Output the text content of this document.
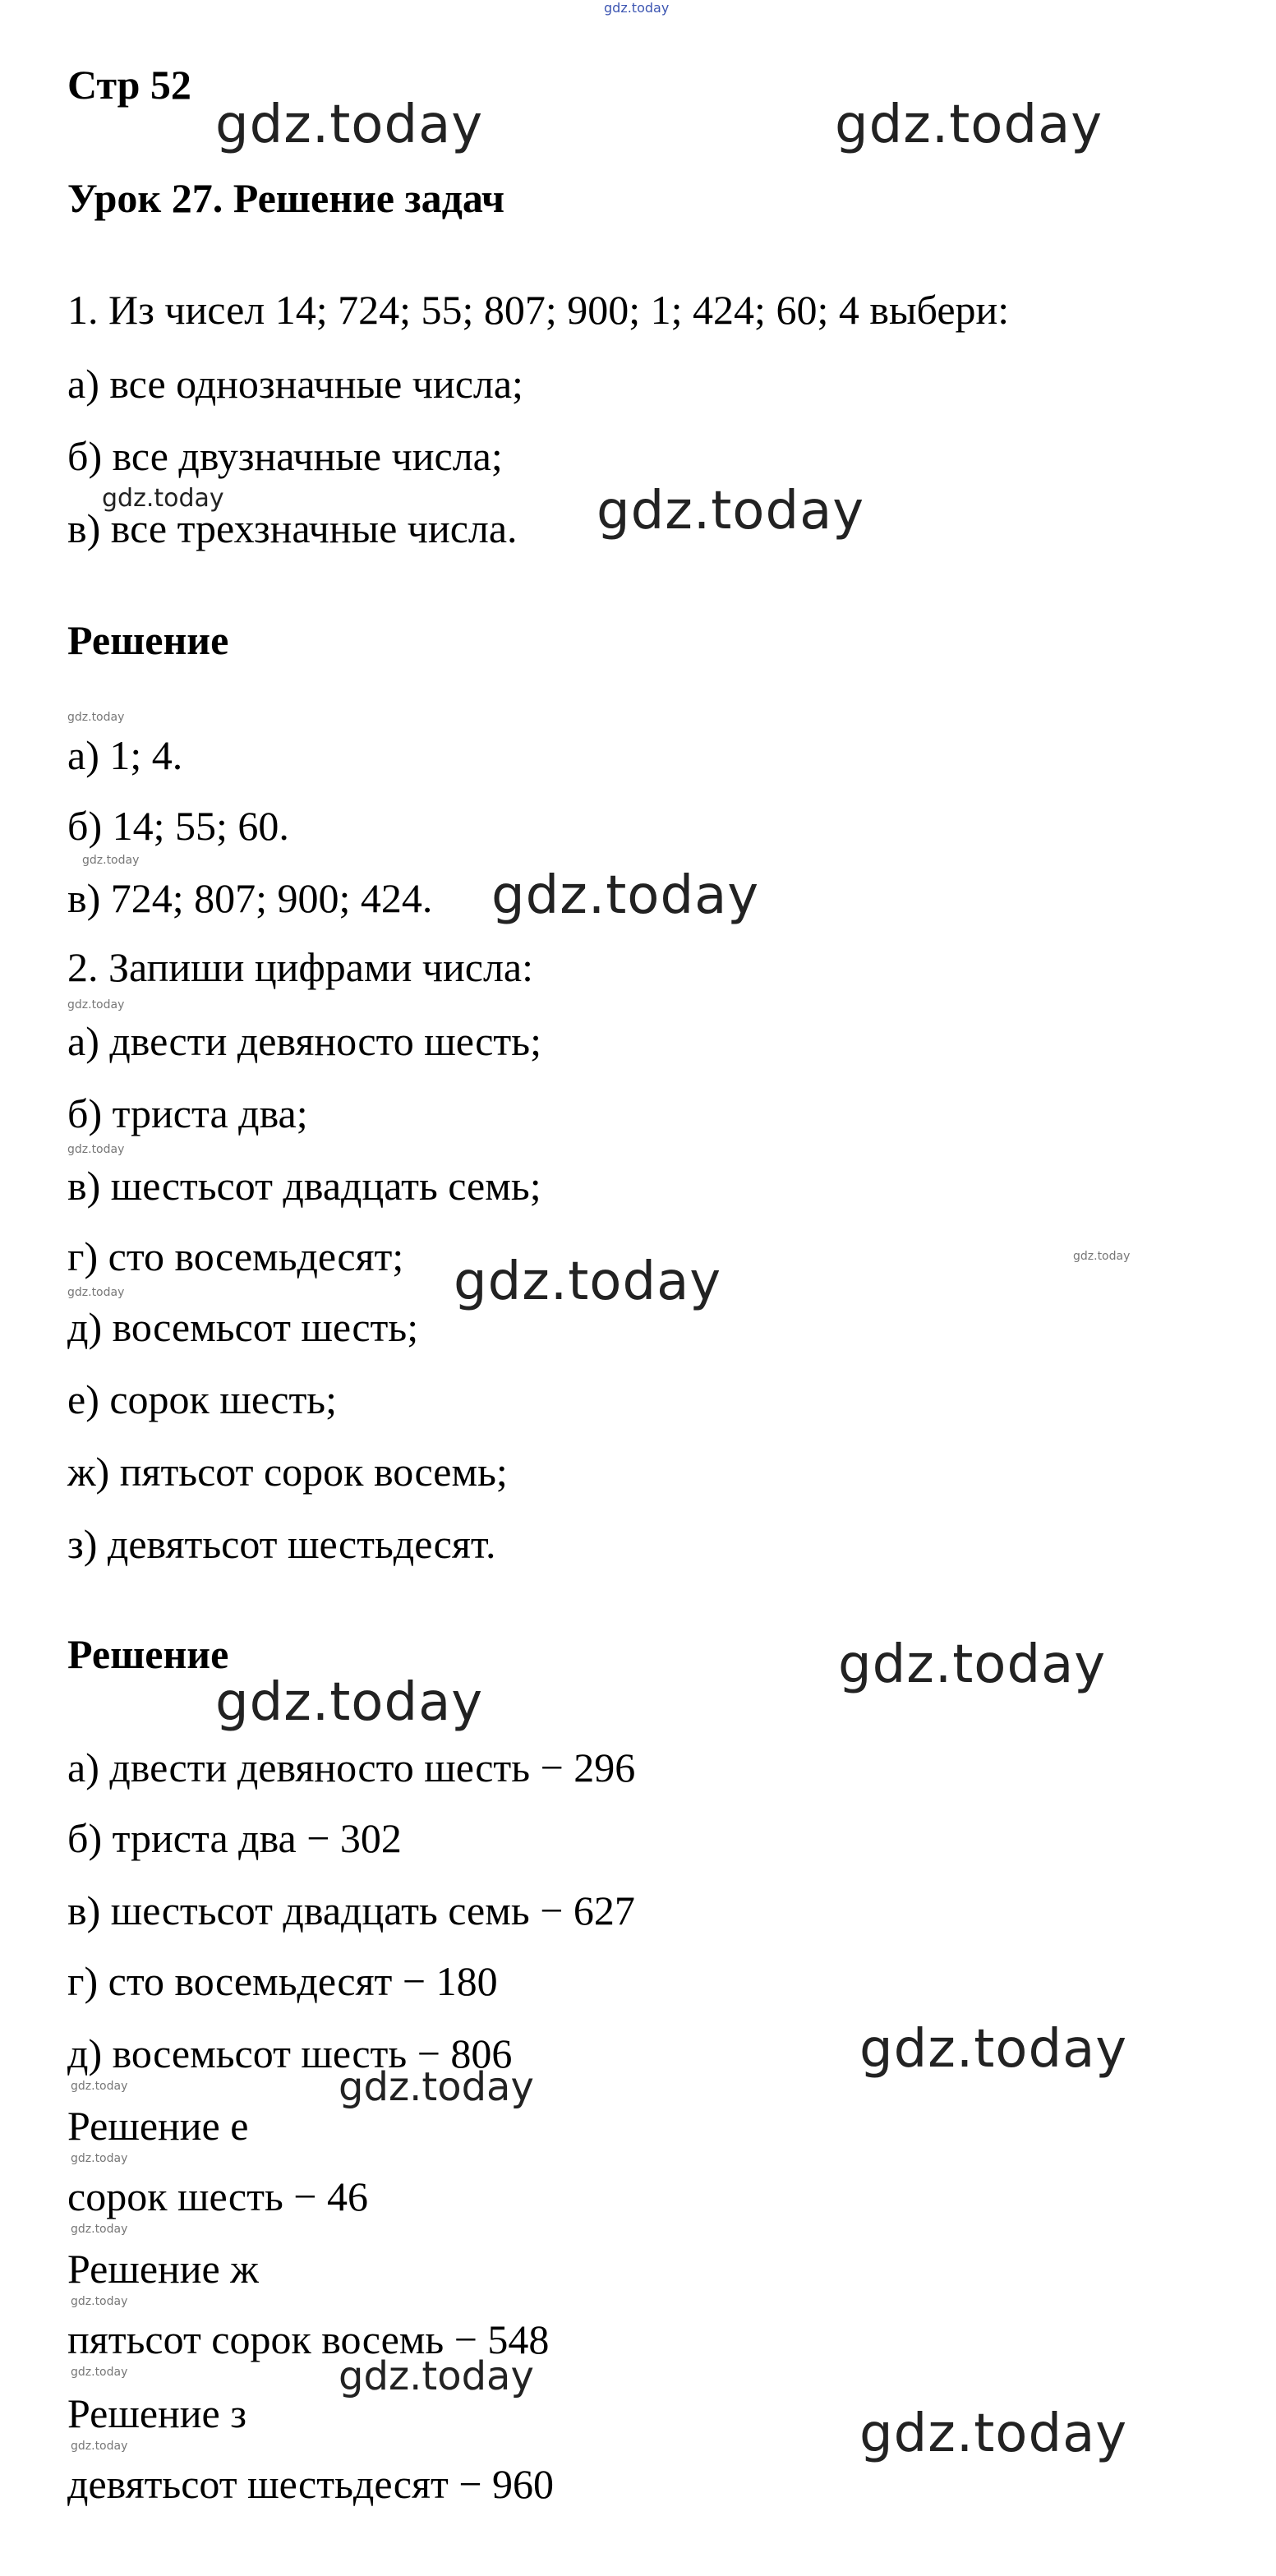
Стр 52
Урок 27. Решение задач
1. Из чисел 14; 724; 55; 807; 900; 1; 424; 60; 4 выбери:
а) все однозначные числа;
б) все двузначные числа;
в) все трехзначные числа.
Решение
а) 1; 4.
б) 14; 55; 60.
в) 724; 807; 900; 424.
2. Запиши цифрами числа:
а) двести девяносто шесть;
б) триста два;
в) шестьсот двадцать семь;
г) сто восемьдесят;
д) восемьсот шесть;
е) сорок шесть;
ж) пятьсот сорок восемь;
з) девятьсот шестьдесят.
Решение
а) двести девяносто шесть − 296
б) триста два − 302
в) шестьсот двадцать семь − 627
г) сто восемьдесят − 180
д) восемьсот шесть − 806
Решение е
сорок шесть − 46
Решение ж
пятьсот сорок восемь − 548
Решение з
девятьсот шестьдесят − 960
gdz.today
gdz.today	gdz.today
gdz.today
gdz.today
gdz.today
gdz.today
gdz.today
gdz.today
gdz.today
gdz.today
gdz.today
gdz.today
gdz.today
gdz.today
gdz.today
gdz.today
gdz.today
gdz.today
gdz.today
gdz.today
gdz.today
gdz.today
gdz.today
gdz.today
